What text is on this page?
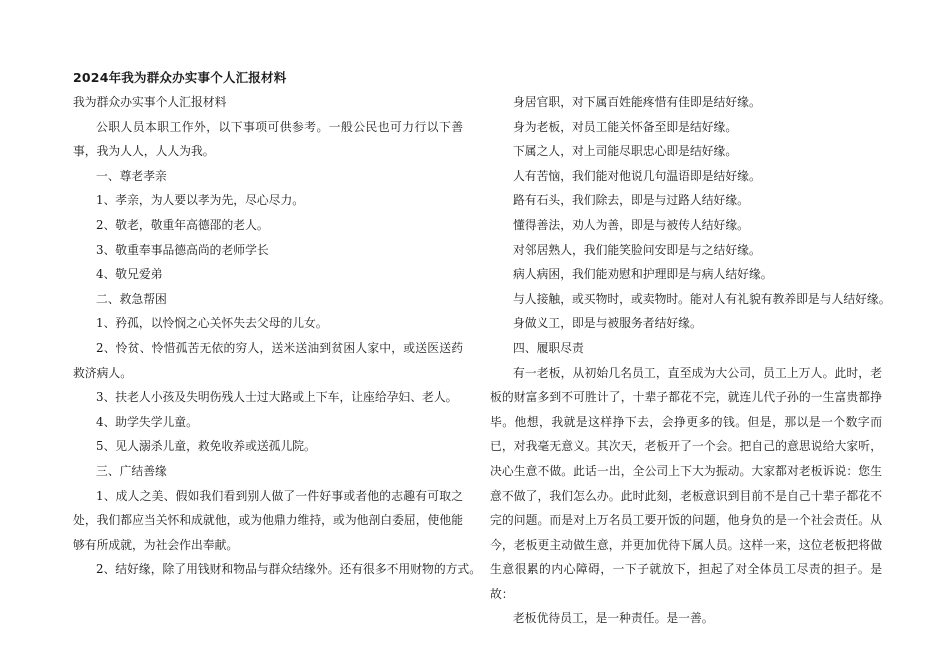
2024年我为群众办实事个人汇报材料

我为群众办实事个人汇报材料

公职人员本职工作外，以下事项可供参考。一般公民也可力行以下善事，我为人人，人人为我。

一、尊老孝亲

1、孝亲，为人要以孝为先，尽心尽力。

2、敬老，敬重年高德邵的老人。

3、敬重奉事品德高尚的老师学长

4、敬兄爱弟

二、救急帮困

1、矜孤，以怜悯之心关怀失去父母的儿女。

2、怜贫、怜惜孤苦无依的穷人，送米送油到贫困人家中，或送医送药救济病人。

3、扶老人小孩及失明伤残人士过大路或上下车，让座给孕妇、老人。

4、助学失学儿童。

5、见人溺杀儿童，救免收养或送孤儿院。

三、广结善缘

1、成人之美、假如我们看到别人做了一件好事或者他的志趣有可取之处，我们都应当关怀和成就他，或为他鼎力维持，或为他剖白委屈，使他能够有所成就，为社会作出奉献。

2、结好缘，除了用钱财和物品与群众结缘外。还有很多不用财物的方式。

身居官职，对下属百姓能疼惜有佳即是结好缘。

身为老板，对员工能关怀备至即是结好缘。

下属之人，对上司能尽职忠心即是结好缘。

人有苦恼，我们能对他说几句温语即是结好缘。

路有石头，我们除去，即是与过路人结好缘。

懂得善法，劝人为善，即是与被传人结好缘。

对邻居熟人，我们能笑脸问安即是与之结好缘。

病人病困，我们能劝慰和护理即是与病人结好缘。

与人接触，或买物时，或卖物时。能对人有礼貌有教养即是与人结好缘。

身做义工，即是与被服务者结好缘。

四、履职尽责

有一老板，从初始几名员工，直至成为大公司，员工上万人。此时，老板的财富多到不可胜计了，十辈子都花不完，就连儿代子孙的一生富贵都挣毕。他想，我就是这样挣下去，会挣更多的钱。但是，那以是一个数字而已，对我毫无意义。其次天，老板开了一个会。把自己的意思说给大家听，决心生意不做。此话一出，全公司上下大为振动。大家都对老板诉说：您生意不做了，我们怎么办。此时此刻，老板意识到目前不是自己十辈子都花不完的问题。而是对上万名员工要开饭的问题，他身负的是一个社会责任。从今，老板更主动做生意，并更加优待下属人员。这样一来，这位老板把将做生意很累的内心障碍，一下子就放下，担起了对全体员工尽责的担子。是故：

老板优待员工，是一种责任。是一善。
